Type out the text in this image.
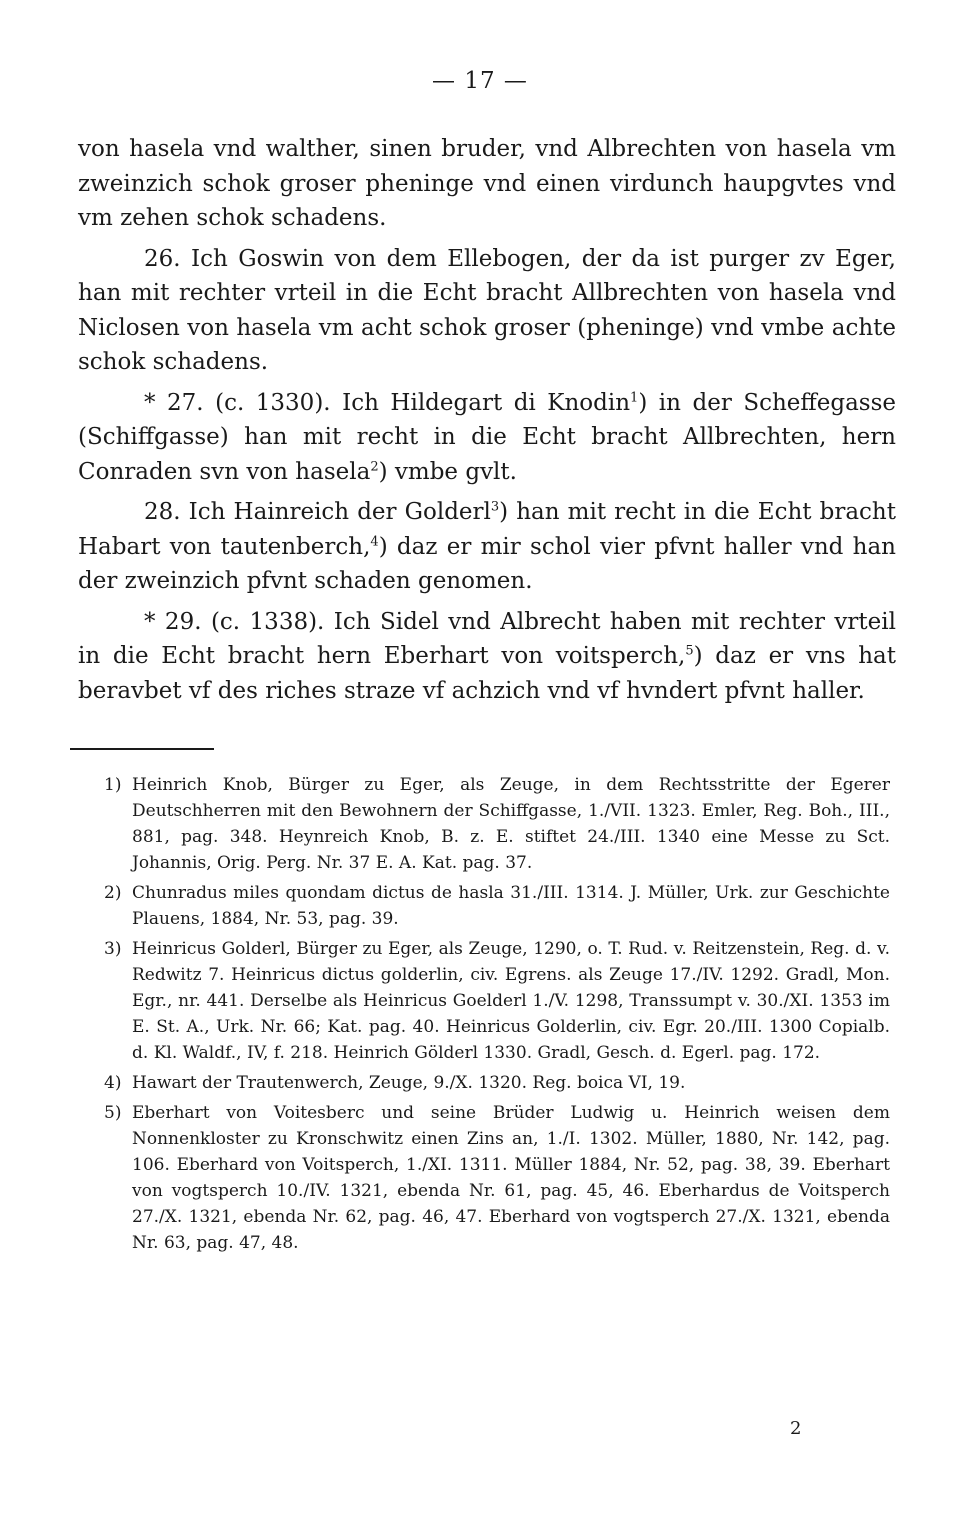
— 17 —

von hasela vnd walther, sinen bruder, vnd Albrechten von hasela vm zweinzich schok groser pheninge vnd einen virdunch haupgvtes vnd vm zehen schok schadens.

26. Ich Goswin von dem Ellebogen, der da ist purger zv Eger, han mit rechter vrteil in die Echt bracht Allbrechten von hasela vnd Niclosen von hasela vm acht schok groser (pheninge) vnd vmbe achte schok schadens.

* 27. (c. 1330). Ich Hildegart di Knodin$^1$) in der Scheffegasse (Schiffgasse) han mit recht in die Echt bracht Allbrechten, hern Conraden svn von hasela$^2$) vmbe gvlt.

28. Ich Hainreich der Golderl$^3$) han mit recht in die Echt bracht Habart von tautenberch,$^4$) daz er mir schol vier pfvnt haller vnd han der zweinzich pfvnt schaden genomen.

* 29. (c. 1338). Ich Sidel vnd Albrecht haben mit rechter vrteil in die Echt bracht hern Eberhart von voitsperch,$^5$) daz er vns hat beravbet vf des riches straze vf achzich vnd vf hvndert pfvnt haller.

1) Heinrich Knob, Bürger zu Eger, als Zeuge, in dem Rechtsstritte der Egerer Deutschherren mit den Bewohnern der Schiffgasse, 1./VII. 1323. Emler, Reg. Boh., III., 881, pag. 348. Heynreich Knob, B. z. E. stiftet 24./III. 1340 eine Messe zu Sct. Johannis, Orig. Perg. Nr. 37 E. A. Kat. pag. 37.
2) Chunradus miles quondam dictus de hasla 31./III. 1314. J. Müller, Urk. zur Geschichte Plauens, 1884, Nr. 53, pag. 39.
3) Heinricus Golderl, Bürger zu Eger, als Zeuge, 1290, o. T. Rud. v. Reitzenstein, Reg. d. v. Redwitz 7. Heinricus dictus golderlin, civ. Egrens. als Zeuge 17./IV. 1292. Gradl, Mon. Egr., nr. 441. Derselbe als Heinricus Goelderl 1./V. 1298, Transsumpt v. 30./XI. 1353 im E. St. A., Urk. Nr. 66; Kat. pag. 40. Heinricus Golderlin, civ. Egr. 20./III. 1300 Copialb. d. Kl. Waldf., IV, f. 218. Heinrich Gölderl 1330. Gradl, Gesch. d. Egerl. pag. 172.
4) Hawart der Trautenwerch, Zeuge, 9./X. 1320. Reg. boica VI, 19.
5) Eberhart von Voitesberc und seine Brüder Ludwig u. Heinrich weisen dem Nonnenkloster zu Kronschwitz einen Zins an, 1./I. 1302. Müller, 1880, Nr. 142, pag. 106. Eberhard von Voitsperch, 1./XI. 1311. Müller 1884, Nr. 52, pag. 38, 39. Eberhart von vogtsperch 10./IV. 1321, ebenda Nr. 61, pag. 45, 46. Eberhardus de Voitsperch 27./X. 1321, ebenda Nr. 62, pag. 46, 47. Eberhard von vogtsperch 27./X. 1321, ebenda Nr. 63, pag. 47, 48.
2
